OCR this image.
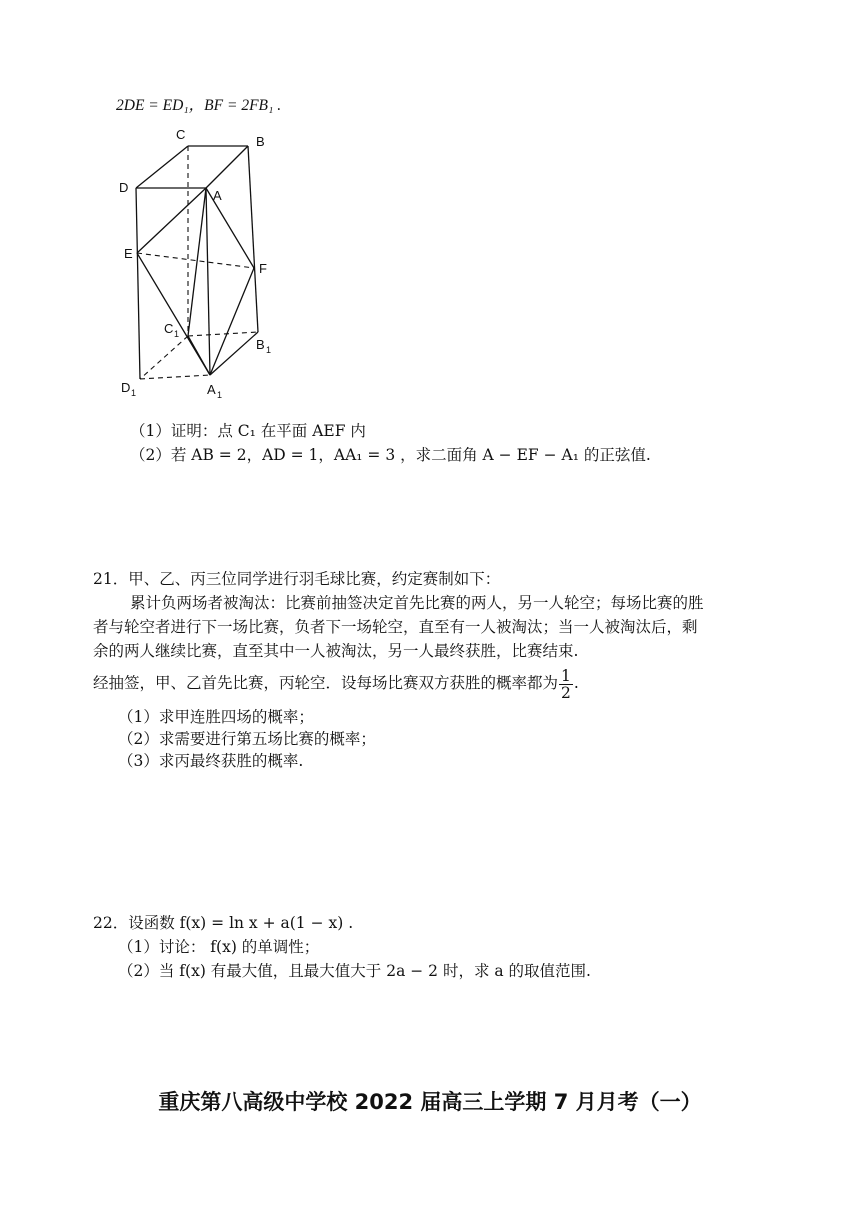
2DE = ED₁，BF = 2FB₁ .
C	B
D
A
E
F
C 1
B 1
D 1	A 1
（1）证明：点 C₁ 在平面 AEF 内
（2）若 AB = 2，AD = 1，AA₁ = 3 ，求二面角 A − EF − A₁ 的正弦值.
21．甲、乙、丙三位同学进行羽毛球比赛，约定赛制如下：
累计负两场者被淘汰：比赛前抽签决定首先比赛的两人，另一人轮空；每场比赛的胜
者与轮空者进行下一场比赛，负者下一场轮空，直至有一人被淘汰；当一人被淘汰后，剩
余的两人继续比赛，直至其中一人被淘汰，另一人最终获胜，比赛结束.
经抽签，甲、乙首先比赛，丙轮空．设每场比赛双方获胜的概率都为 $\frac{1}{2}$ .
（1）求甲连胜四场的概率；
（2）求需要进行第五场比赛的概率；
（3）求丙最终获胜的概率.
22．设函数 f(x) = ln x + a(1 − x) .
（1）讨论： f(x) 的单调性；
（2）当 f(x) 有最大值，且最大值大于 2a − 2 时，求 a 的取值范围.
重庆第八高级中学校 2022 届高三上学期 7 月月考（一）
